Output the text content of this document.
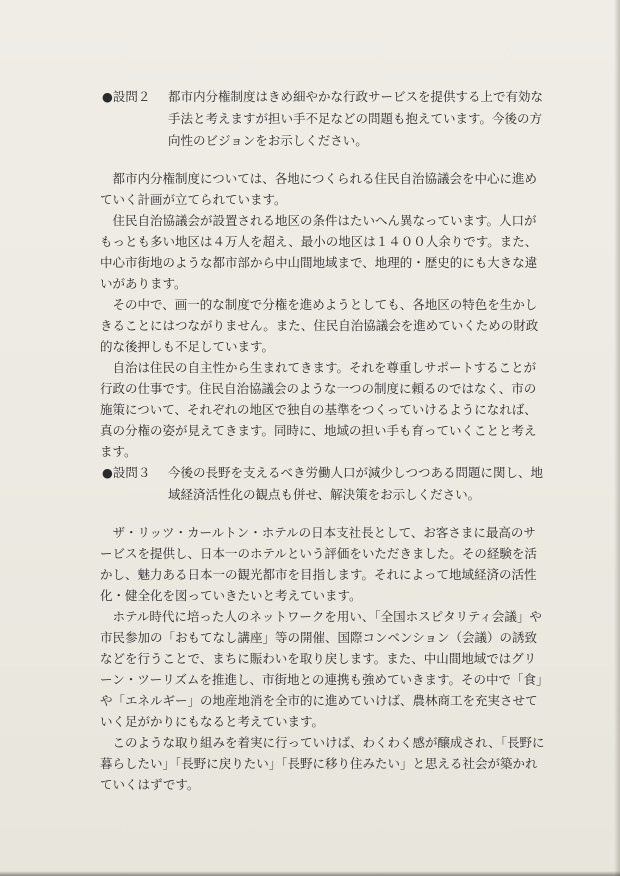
●設問２	都市内分権制度はきめ細やかな行政サービスを提供する上で有効な
手法と考えますが担い手不足などの問題も抱えています。今後の方
向性のビジョンをお示しください。
　都市内分権制度については、各地につくられる住民自治協議会を中心に進め
ていく計画が立てられています。
　住民自治協議会が設置される地区の条件はたいへん異なっています。人口が
もっとも多い地区は４万人を超え、最小の地区は１４００人余りです。また、
中心市街地のような都市部から中山間地域まで、地理的・歴史的にも大きな違
いがあります。
　その中で、画一的な制度で分権を進めようとしても、各地区の特色を生かし
きることにはつながりません。また、住民自治協議会を進めていくための財政
的な後押しも不足しています。
　自治は住民の自主性から生まれてきます。それを尊重しサポートすることが
行政の仕事です。住民自治協議会のような一つの制度に頼るのではなく、市の
施策について、それぞれの地区で独自の基準をつくっていけるようになれば、
真の分権の姿が見えてきます。同時に、地域の担い手も育っていくことと考え
ます。
●設問３	今後の長野を支えるべき労働人口が減少しつつある問題に関し、地
域経済活性化の観点も併せ、解決策をお示しください。
　ザ・リッツ・カールトン・ホテルの日本支社長として、お客さまに最高のサ
ービスを提供し、日本一のホテルという評価をいただきました。その経験を活
かし、魅力ある日本一の観光都市を目指します。それによって地域経済の活性
化・健全化を図っていきたいと考えています。
　ホテル時代に培った人のネットワークを用い、「全国ホスピタリティ会議」や
市民参加の「おもてなし講座」等の開催、国際コンベンション（会議）の誘致
などを行うことで、まちに賑わいを取り戻します。また、中山間地域ではグリ
ーン・ツーリズムを推進し、市街地との連携も強めていきます。その中で「食」
や「エネルギー」の地産地消を全市的に進めていけば、農林商工を充実させて
いく足がかりにもなると考えています。
　このような取り組みを着実に行っていけば、わくわく感が醸成され、「長野に
暮らしたい」「長野に戻りたい」「長野に移り住みたい」と思える社会が築かれ
ていくはずです。
